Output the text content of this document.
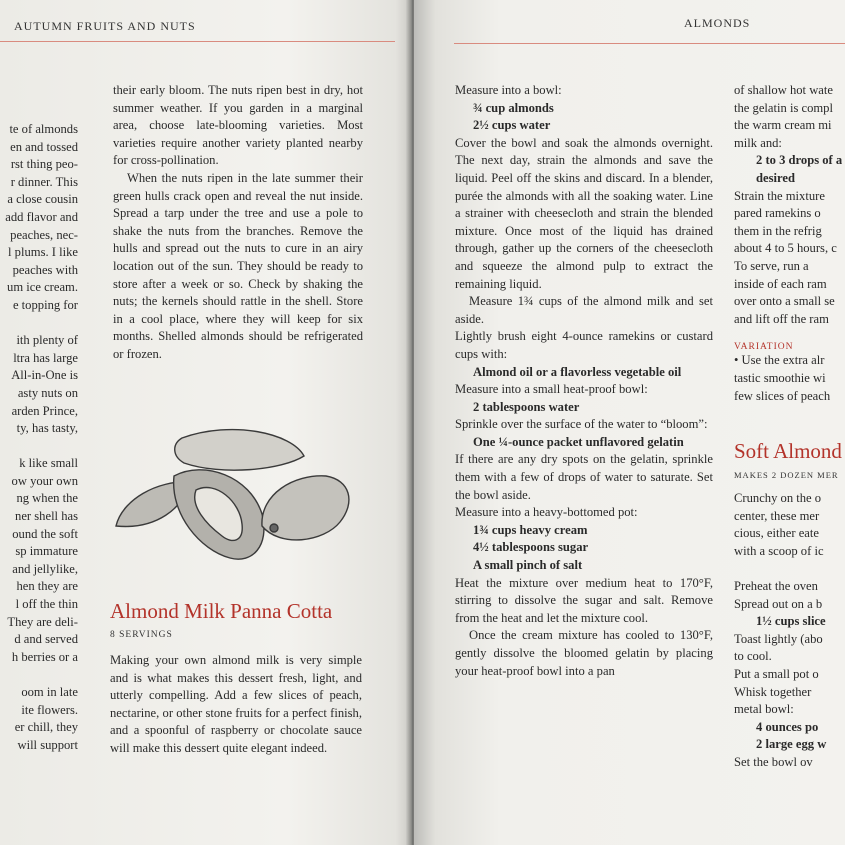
AUTUMN FRUITS AND NUTS
te of almonds
en and tossed
rst thing peo-
r dinner. This
a close cousin
add flavor and
peaches, nec-
l plums. I like
peaches with
um ice cream.
e topping for

ith plenty of
ltra has large
All-in-One is
asty nuts on
arden Prince,
ty, has tasty,

k like small
ow your own
ng when the
ner shell has
ound the soft
sp immature
and jellylike,
hen they are
l off the thin
They are deli-
d and served
h berries or a

oom in late
ite flowers.
er chill, they
will support

their early bloom. The nuts ripen best in dry, hot summer weather. If you garden in a marginal area, choose late-blooming varieties. Most varieties require another variety planted nearby for cross-pollination.

When the nuts ripen in the late summer their green hulls crack open and reveal the nut inside. Spread a tarp under the tree and use a pole to shake the nuts from the branches. Remove the hulls and spread out the nuts to cure in an airy location out of the sun. They should be ready to store after a week or so. Check by shaking the nuts; the kernels should rattle in the shell. Store in a cool place, where they will keep for six months. Shelled almonds should be refrigerated or frozen.

Almond Milk Panna Cotta
8 SERVINGS

Making your own almond milk is very simple and is what makes this dessert fresh, light, and utterly compelling. Add a few slices of peach, nectarine, or other stone fruits for a perfect finish, and a spoonful of raspberry or chocolate sauce will make this dessert quite elegant indeed.

ALMONDS

Measure into a bowl:

¾ cup almonds

2½ cups water

Cover the bowl and soak the almonds overnight. The next day, strain the almonds and save the liquid. Peel off the skins and discard. In a blender, purée the almonds with all the soaking water. Line a strainer with cheesecloth and strain the blended mixture. Once most of the liquid has drained through, gather up the corners of the cheesecloth and squeeze the almond pulp to extract the remaining liquid.

Measure 1¾ cups of the almond milk and set aside.

Lightly brush eight 4-ounce ramekins or custard cups with:

Almond oil or a flavorless vegetable oil

Measure into a small heat-proof bowl:

2 tablespoons water

Sprinkle over the surface of the water to “bloom”:

One ¼-ounce packet unflavored gelatin

If there are any dry spots on the gelatin, sprinkle them with a few of drops of water to saturate. Set the bowl aside.

Measure into a heavy-bottomed pot:

1¾ cups heavy cream

4½ tablespoons sugar

A small pinch of salt

Heat the mixture over medium heat to 170°F, stirring to dissolve the sugar and salt. Remove from the heat and let the mixture cool.

Once the cream mixture has cooled to 130°F, gently dissolve the bloomed gelatin by placing your heat-proof bowl into a pan

of shallow hot wate
the gelatin is compl
the warm cream mi
milk and:
2 to 3 drops of a
desired
Strain the mixture
pared ramekins o
them in the refrig
about 4 to 5 hours, c
To serve, run a
inside of each ram
over onto a small se
and lift off the ram
VARIATION
• Use the extra alr
tastic smoothie wi
few slices of peach
Soft Almond
MAKES 2 DOZEN MER
Crunchy on the o
center, these mer
cious, either eate
with a scoop of ic

Preheat the oven
Spread out on a b
1½ cups slice
Toast lightly (abo
to cool.
Put a small pot o
Whisk together
metal bowl:
4 ounces po
2 large egg w
Set the bowl ov
